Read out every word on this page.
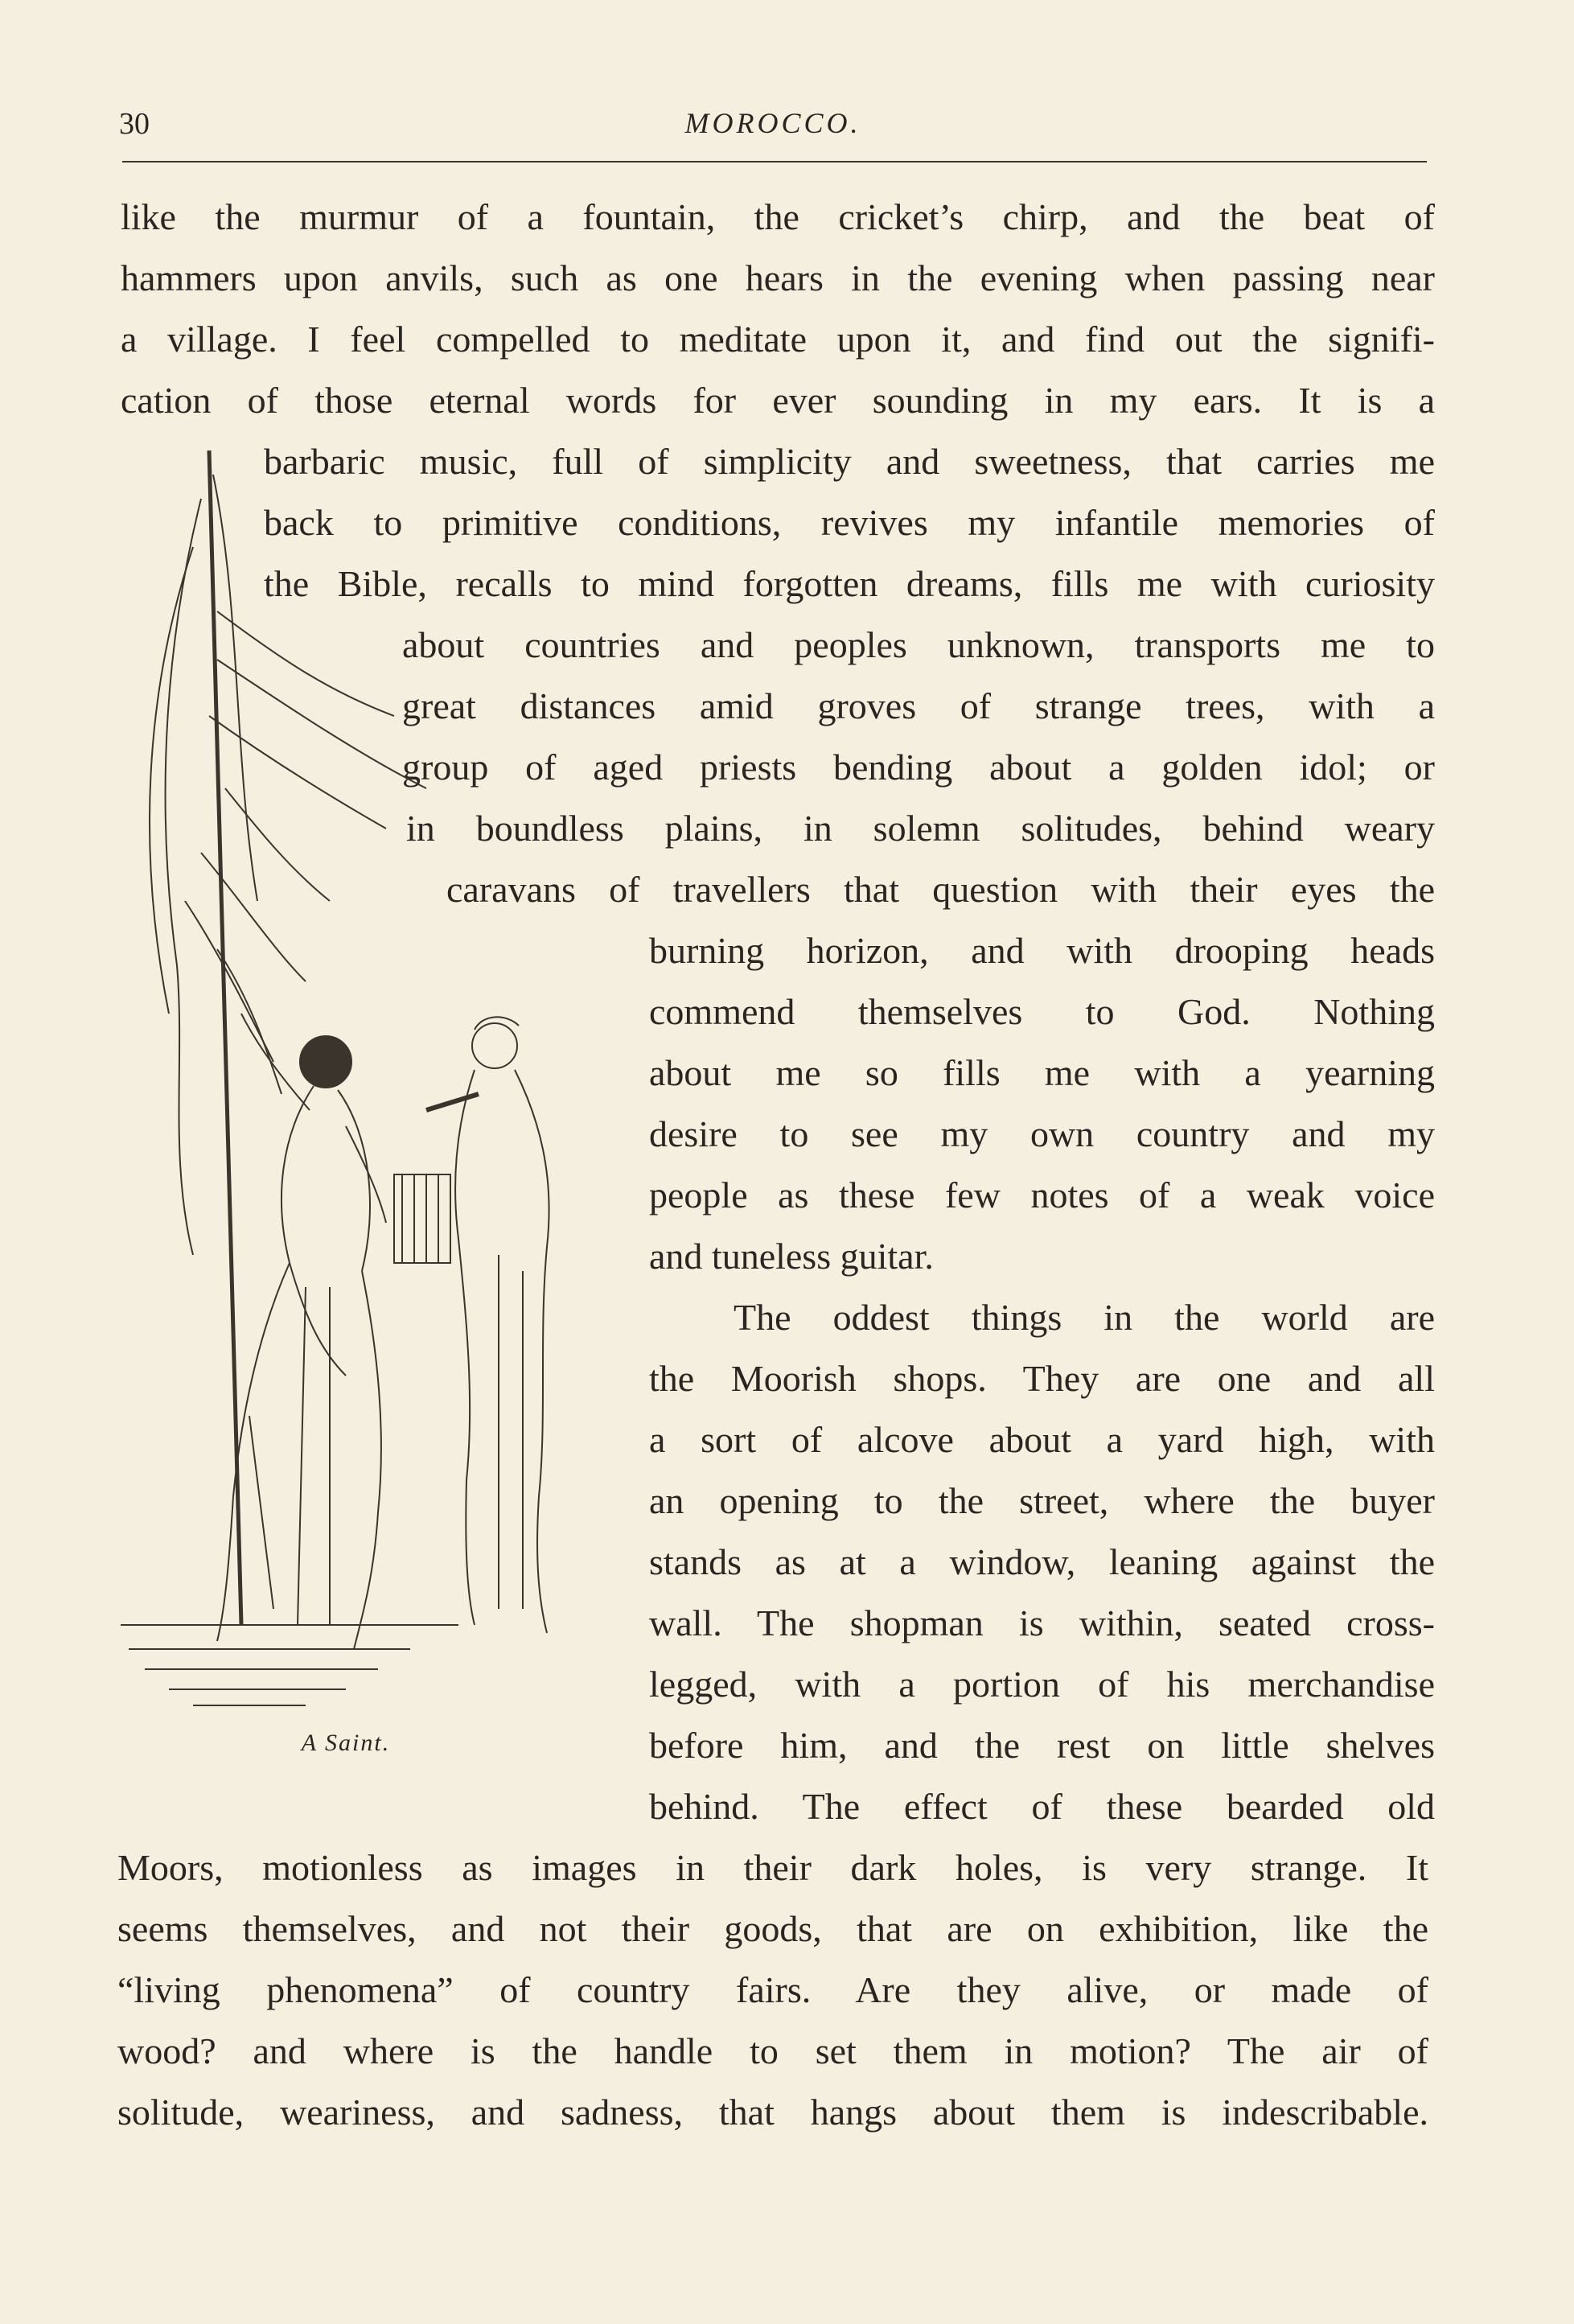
30	MOROCCO.
like the murmur of a fountain, the cricket’s chirp, and the beat of
hammers upon anvils, such as one hears in the evening when passing near
a village. I feel compelled to meditate upon it, and find out the signifi-
cation of those eternal words for ever sounding in my ears. It is a
barbaric music, full of simplicity and sweetness, that carries me
back to primitive conditions, revives my infantile memories of
the Bible, recalls to mind forgotten dreams, fills me with curiosity
about countries and peoples unknown, transports me to
great distances amid groves of strange trees, with a
group of aged priests bending about a golden idol; or
in boundless plains, in solemn solitudes, behind weary
caravans of travellers that question with their eyes the
burning horizon, and with drooping heads
commend themselves to God. Nothing
about me so fills me with a yearning
desire to see my own country and my
people as these few notes of a weak voice
and tuneless guitar.
The oddest things in the world are
the Moorish shops. They are one and all
a sort of alcove about a yard high, with
an opening to the street, where the buyer
stands as at a window, leaning against the
wall. The shopman is within, seated cross-
legged, with a portion of his merchandise
before him, and the rest on little shelves
behind. The effect of these bearded old
Moors, motionless as images in their dark holes, is very strange. It
seems themselves, and not their goods, that are on exhibition, like the
“living phenomena” of country fairs. Are they alive, or made of
wood? and where is the handle to set them in motion? The air of
solitude, weariness, and sadness, that hangs about them is indescribable.
A Saint.
